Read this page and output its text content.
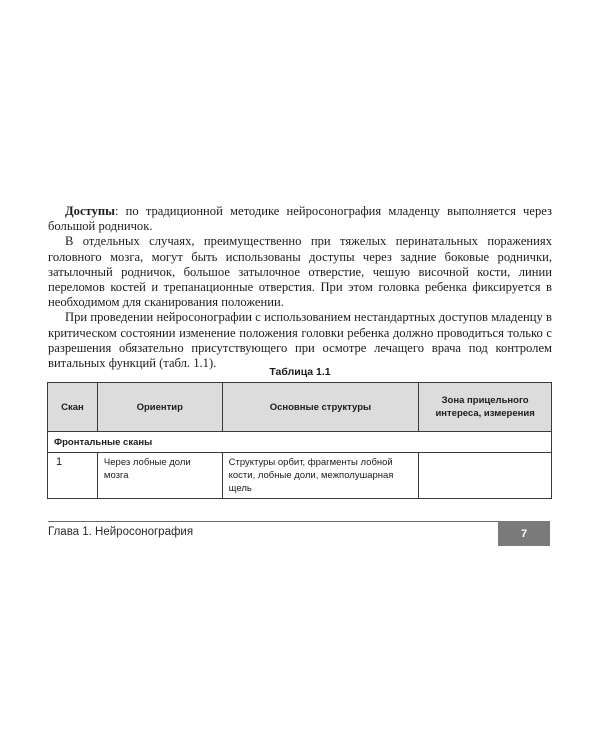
Доступы: по традиционной методике нейросонография младенцу выполняется через большой родничок.

В отдельных случаях, преимущественно при тяжелых перинатальных поражениях головного мозга, могут быть использованы доступы через задние боковые роднички, затылочный родничок, большое затылочное отверстие, чешую височной кости, линии переломов костей и трепанационные отверстия. При этом головка ребенка фиксируется в необходимом для сканирования положении.

При проведении нейросонографии с использованием нестандартных доступов младенцу в критическом состоянии изменение положения головки ребенка должно проводиться только с разрешения обязательно присутствующего при осмотре лечащего врача под контролем витальных функций (табл. 1.1).

Таблица 1.1
Скан	Ориентир	Основные структуры	Зона прицельного интереса, измерения
Фронтальные сканы			
1	Через лобные доли мозга	Структуры орбит, фрагменты лобной кости, лобные доли, межполушарная щель	
Глава 1. Нейросонография	7
